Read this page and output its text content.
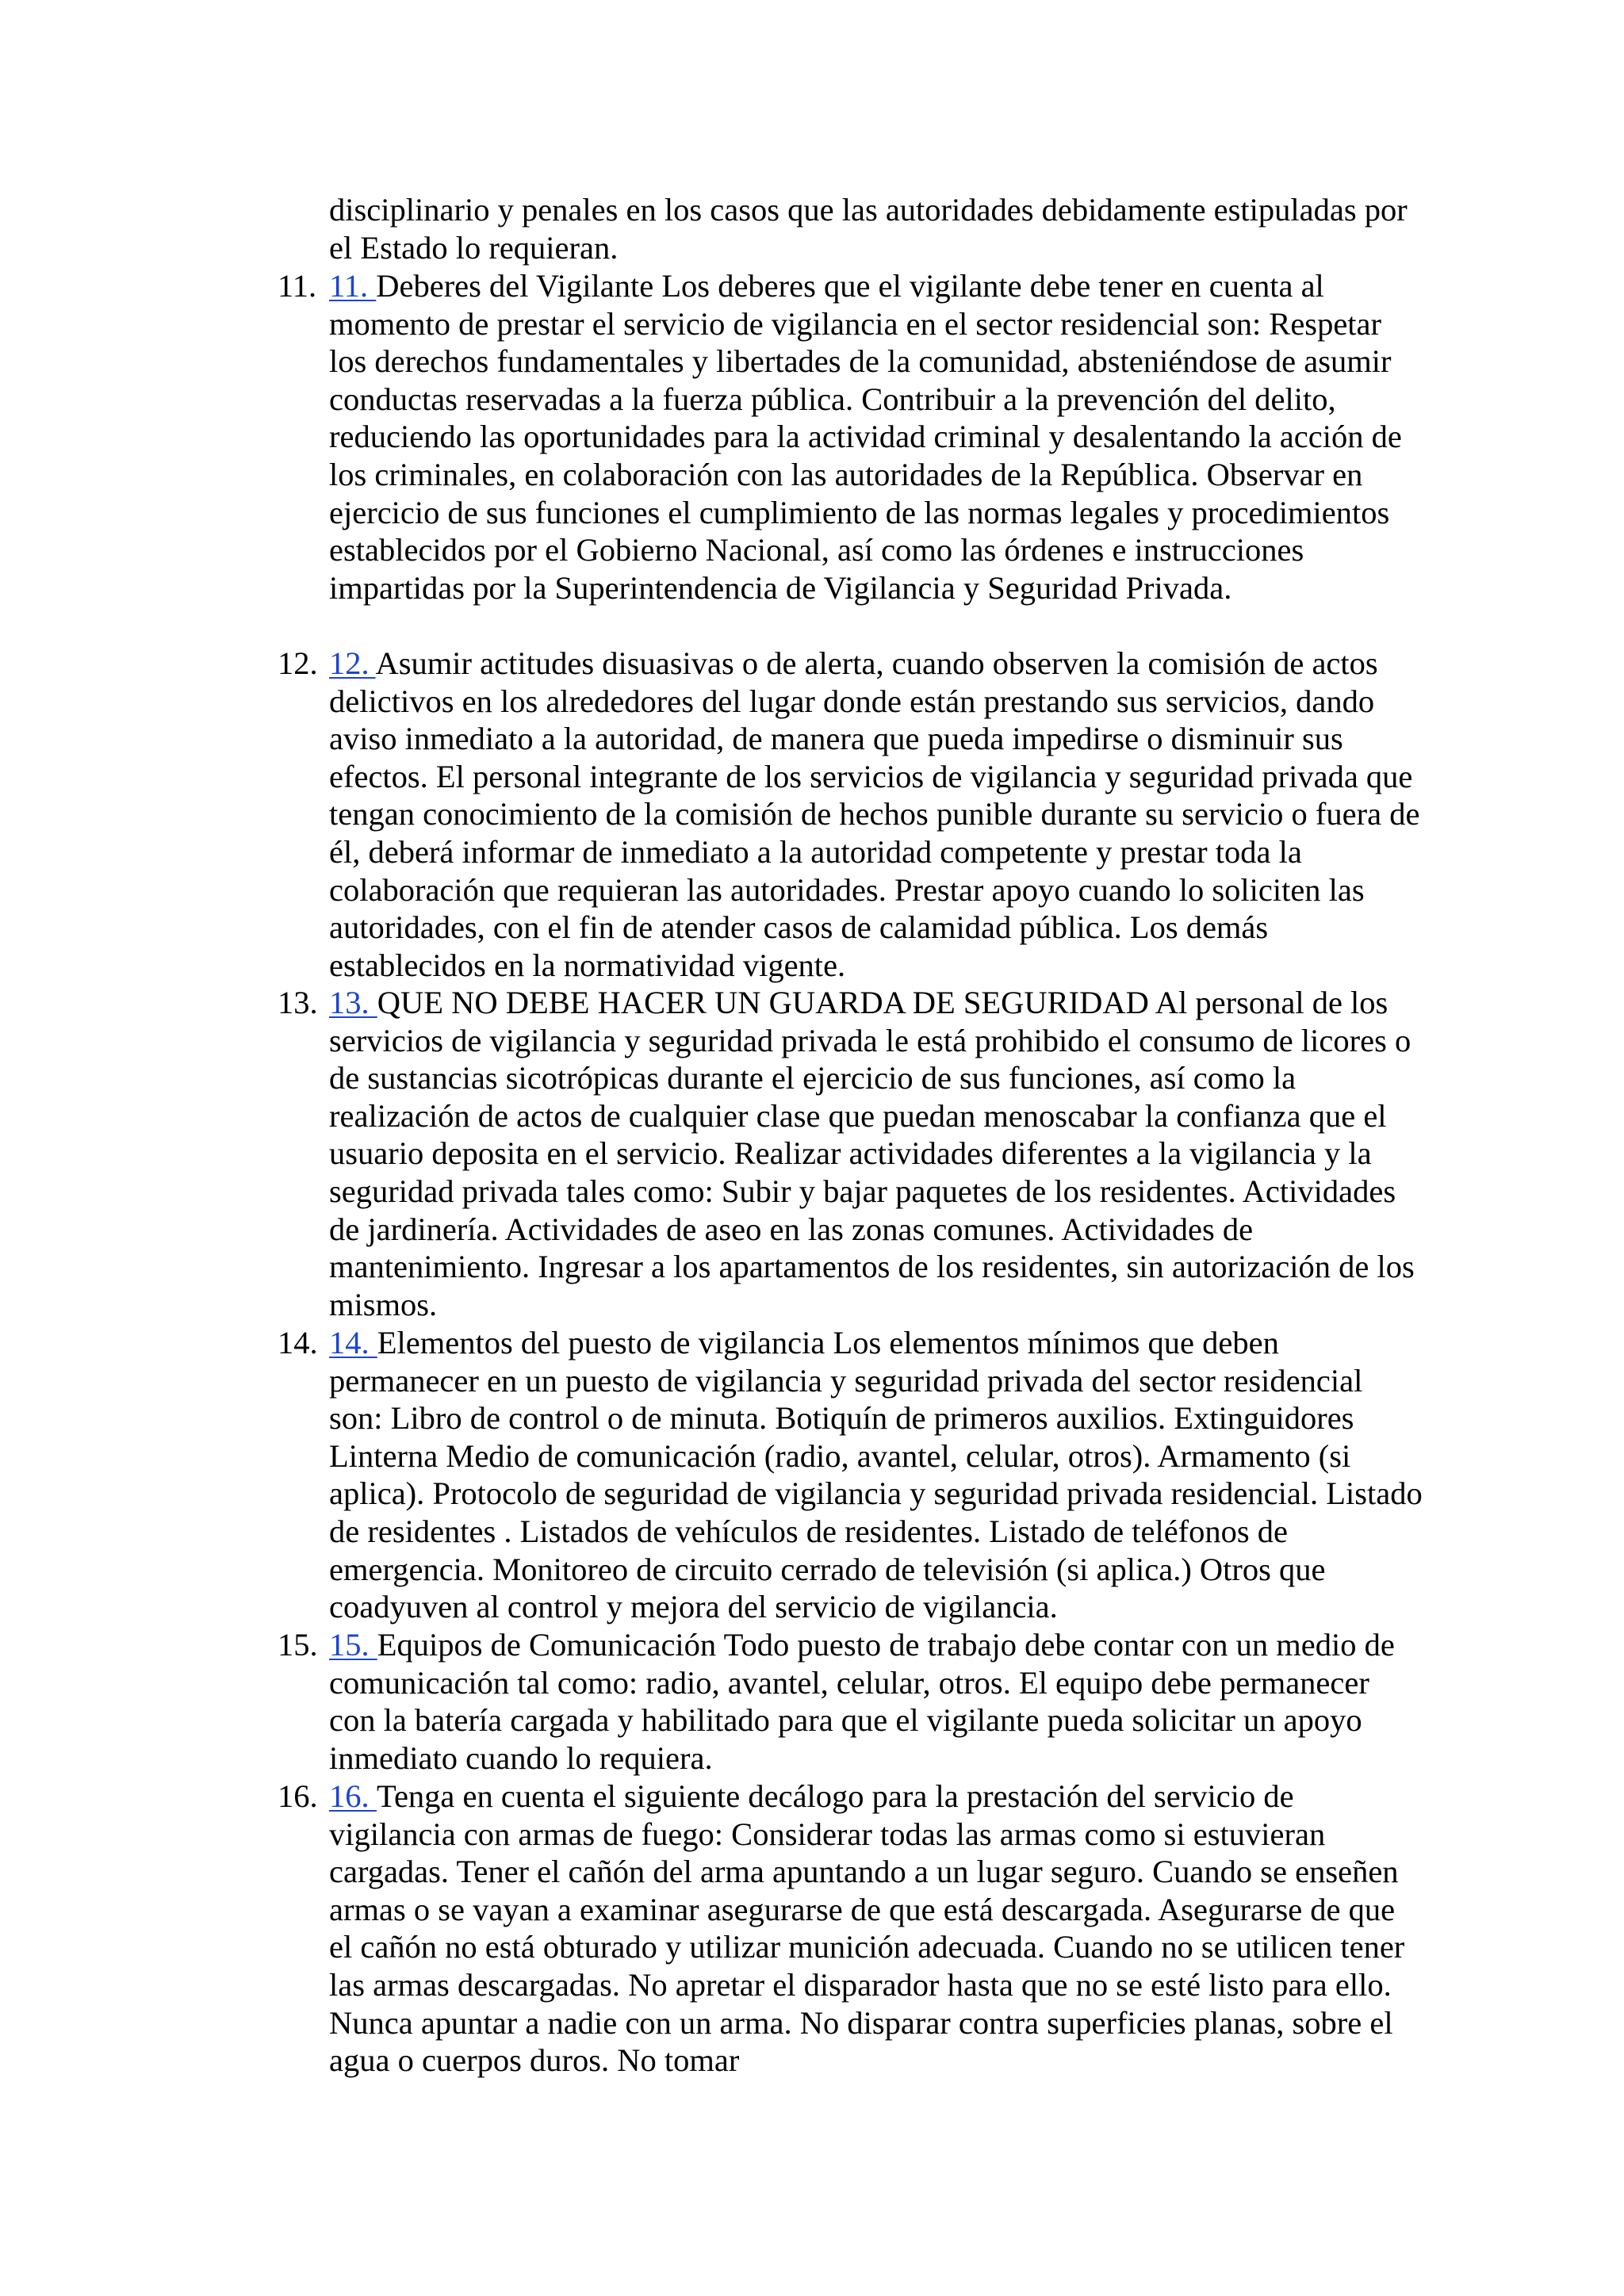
disciplinario y penales en los casos que las autoridades debidamente estipuladas por el Estado lo requieran.

11. 11. Deberes del Vigilante Los deberes que el vigilante debe tener en cuenta al momento de prestar el servicio de vigilancia en el sector residencial son: Respetar los derechos fundamentales y libertades de la comunidad, absteniéndose de asumir conductas reservadas a la fuerza pública. Contribuir a la prevención del delito, reduciendo las oportunidades para la actividad criminal y desalentando la acción de los criminales, en colaboración con las autoridades de la República. Observar en ejercicio de sus funciones el cumplimiento de las normas legales y procedimientos establecidos por el Gobierno Nacional, así como las órdenes e instrucciones impartidas por la Superintendencia de Vigilancia y Seguridad Privada.
12. 12. Asumir actitudes disuasivas o de alerta, cuando observen la comisión de actos delictivos en los alrededores del lugar donde están prestando sus servicios, dando aviso inmediato a la autoridad, de manera que pueda impedirse o disminuir sus efectos. El personal integrante de los servicios de vigilancia y seguridad privada que tengan conocimiento de la comisión de hechos punible durante su servicio o fuera de él, deberá informar de inmediato a la autoridad competente y prestar toda la colaboración que requieran las autoridades. Prestar apoyo cuando lo soliciten las autoridades, con el fin de atender casos de calamidad pública. Los demás establecidos en la normatividad vigente.
13. 13. QUE NO DEBE HACER UN GUARDA DE SEGURIDAD Al personal de los servicios de vigilancia y seguridad privada le está prohibido el consumo de licores o de sustancias sicotrópicas durante el ejercicio de sus funciones, así como la realización de actos de cualquier clase que puedan menoscabar la confianza que el usuario deposita en el servicio. Realizar actividades diferentes a la vigilancia y la seguridad privada tales como: Subir y bajar paquetes de los residentes. Actividades de jardinería. Actividades de aseo en las zonas comunes. Actividades de mantenimiento. Ingresar a los apartamentos de los residentes, sin autorización de los mismos.
14. 14. Elementos del puesto de vigilancia Los elementos mínimos que deben permanecer en un puesto de vigilancia y seguridad privada del sector residencial son: Libro de control o de minuta. Botiquín de primeros auxilios. Extinguidores Linterna Medio de comunicación (radio, avantel, celular, otros). Armamento (si aplica). Protocolo de seguridad de vigilancia y seguridad privada residencial. Listado de residentes . Listados de vehículos de residentes. Listado de teléfonos de emergencia. Monitoreo de circuito cerrado de televisión (si aplica.) Otros que coadyuven al control y mejora del servicio de vigilancia.
15. 15. Equipos de Comunicación Todo puesto de trabajo debe contar con un medio de comunicación tal como: radio, avantel, celular, otros. El equipo debe permanecer con la batería cargada y habilitado para que el vigilante pueda solicitar un apoyo inmediato cuando lo requiera.
16. 16. Tenga en cuenta el siguiente decálogo para la prestación del servicio de vigilancia con armas de fuego: Considerar todas las armas como si estuvieran cargadas. Tener el cañón del arma apuntando a un lugar seguro. Cuando se enseñen armas o se vayan a examinar asegurarse de que está descargada. Asegurarse de que el cañón no está obturado y utilizar munición adecuada. Cuando no se utilicen tener las armas descargadas. No apretar el disparador hasta que no se esté listo para ello. Nunca apuntar a nadie con un arma. No disparar contra superficies planas, sobre el agua o cuerpos duros. No tomar
